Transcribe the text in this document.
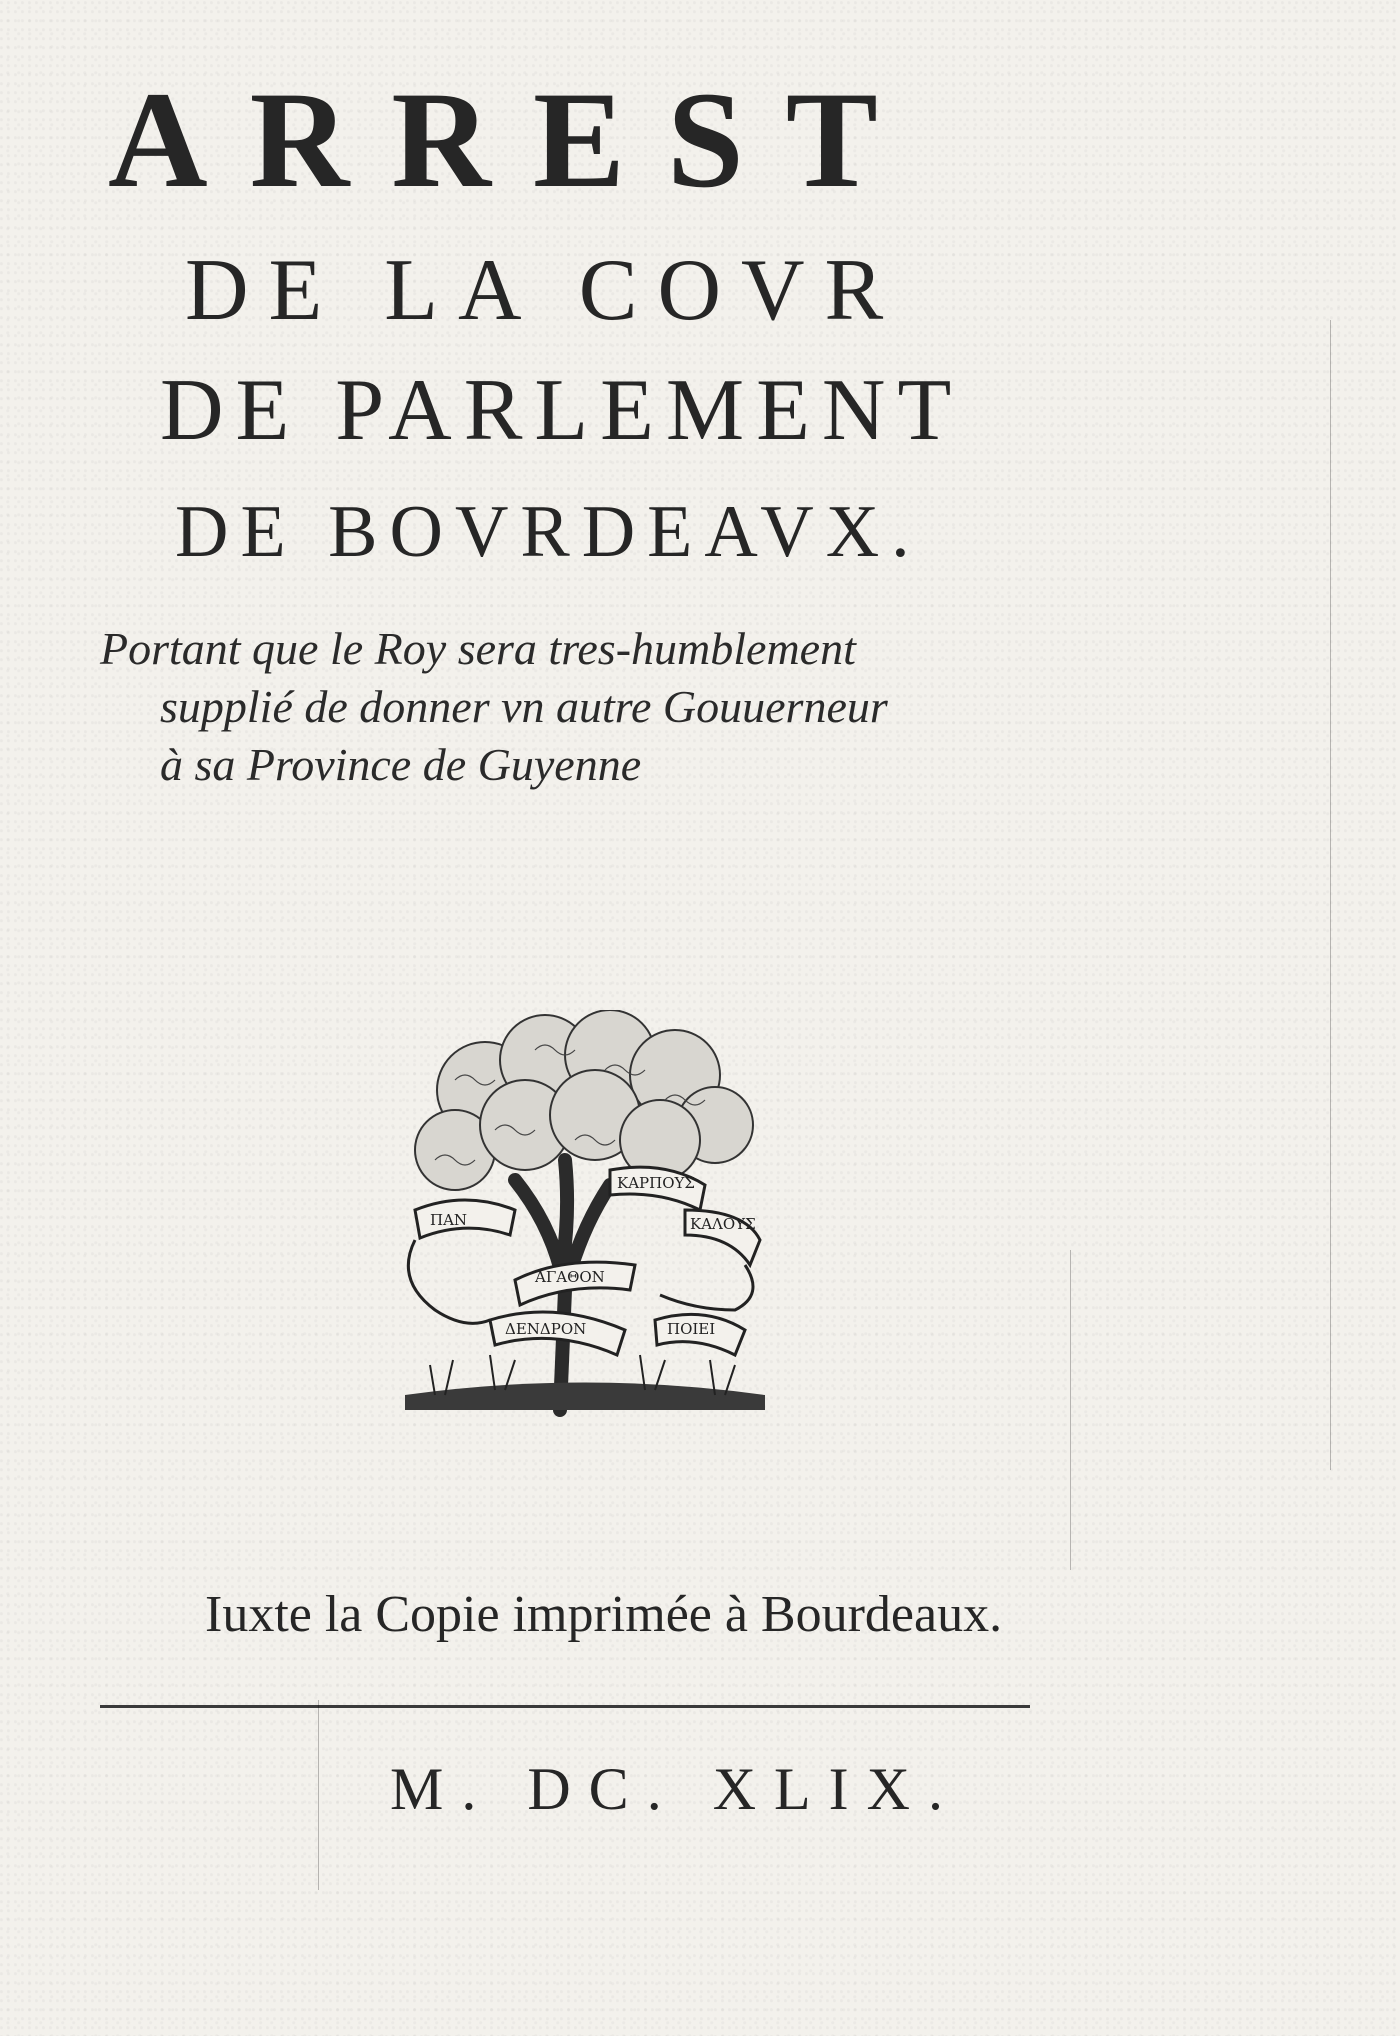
ARREST
DE LA COVR
DE PARLEMENT
DE BOVRDEAVX.
Portant que le Roy sera tres-humblement
supplié de donner vn autre Gouuerneur
à sa Province de Guyenne
ΚΑΡΠΟΥΣ
ΠΑΝ	ΚΑΛΟΥΣ
ΑΓΑΘΟΝ
ΔΕΝΔΡΟΝ	ΠΟΙΕΙ
Iuxte la Copie imprimée à Bourdeaux.
M. DC. XLIX.
